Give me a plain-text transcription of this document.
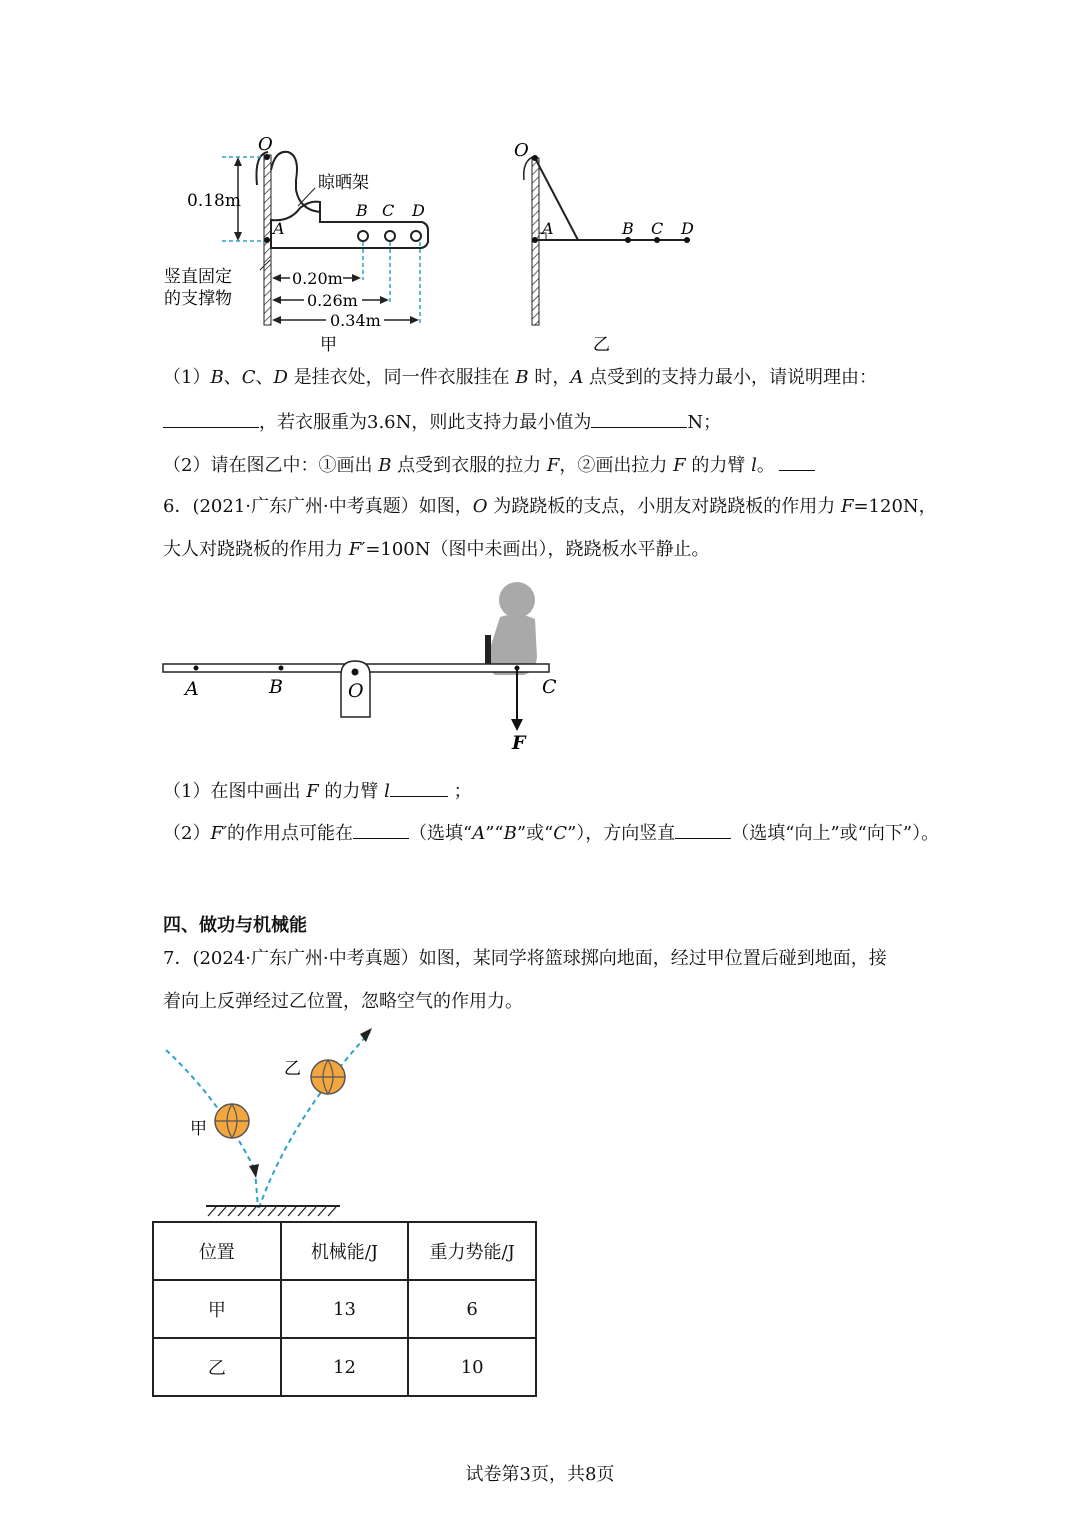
O
0.18m
晾晒架
B C D
A
竖直固定
的支撑物
0.20m
0.26m
0.34m
甲
O
A	B C D
乙
（1）B、C、D 是挂衣处，同一件衣服挂在 B 时，A 点受到的支持力最小，请说明理由：
，若衣服重为3.6N，则此支持力最小值为	N；
（2）请在图乙中：①画出 B 点受到衣服的拉力 F，②画出拉力 F 的力臂 l。
6．(2021·广东广州·中考真题）如图，O 为跷跷板的支点，小朋友对跷跷板的作用力 F=120N，
大人对跷跷板的作用力 F′=100N（图中未画出），跷跷板水平静止。
A	B	O	C
F
（1）在图中画出 F 的力臂 l	；
（2）F′的作用点可能在	（选填“A”“B”或“C”），方向竖直	（选填“向上”或“向下”）。
四、做功与机械能
7．(2024·广东广州·中考真题）如图，某同学将篮球掷向地面，经过甲位置后碰到地面，接
着向上反弹经过乙位置，忽略空气的作用力。
甲
乙
位置	机械能/J	重力势能/J
甲	13	6
乙	12	10
试卷第3页，共8页
